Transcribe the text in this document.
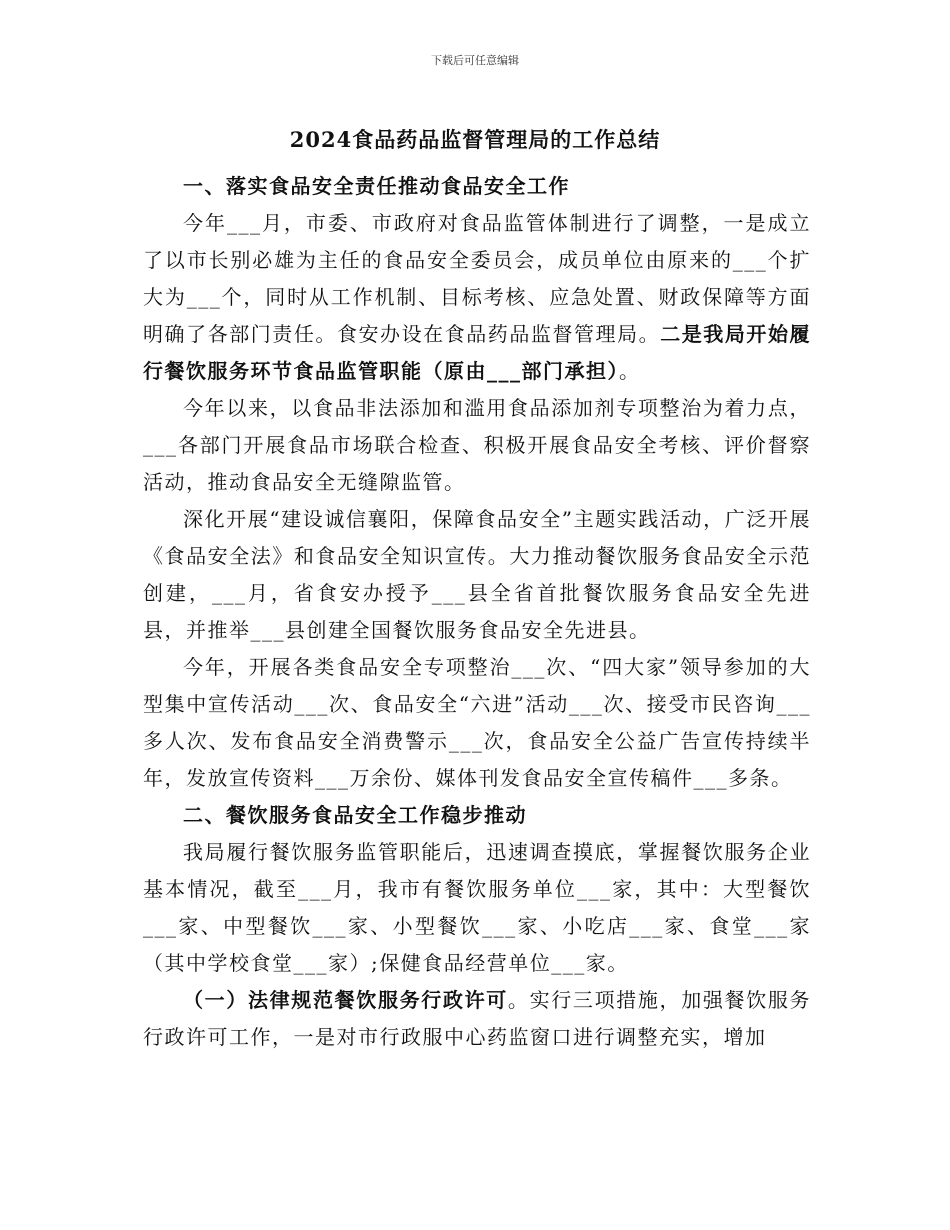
下载后可任意编辑
2024食品药品监督管理局的工作总结

一、落实食品安全责任推动食品安全工作

今年___月，市委、市政府对食品监管体制进行了调整，一是成立了以市长别必雄为主任的食品安全委员会，成员单位由原来的___个扩大为___个，同时从工作机制、目标考核、应急处置、财政保障等方面明确了各部门责任。食安办设在食品药品监督管理局。二是我局开始履行餐饮服务环节食品监管职能（原由___部门承担）。

今年以来，以食品非法添加和滥用食品添加剂专项整治为着力点，___各部门开展食品市场联合检查、积极开展食品安全考核、评价督察活动，推动食品安全无缝隙监管。

深化开展“建设诚信襄阳，保障食品安全”主题实践活动，广泛开展《食品安全法》和食品安全知识宣传。大力推动餐饮服务食品安全示范创建，___月，省食安办授予___县全省首批餐饮服务食品安全先进县，并推举___县创建全国餐饮服务食品安全先进县。

今年，开展各类食品安全专项整治___次、“四大家”领导参加的大型集中宣传活动___次、食品安全“六进”活动___次、接受市民咨询___多人次、发布食品安全消费警示___次，食品安全公益广告宣传持续半年，发放宣传资料___万余份、媒体刊发食品安全宣传稿件___多条。

二、餐饮服务食品安全工作稳步推动

我局履行餐饮服务监管职能后，迅速调查摸底，掌握餐饮服务企业基本情况，截至___月，我市有餐饮服务单位___家，其中：大型餐饮___家、中型餐饮___家、小型餐饮___家、小吃店___家、食堂___家（其中学校食堂___家）;保健食品经营单位___家。

（一）法律规范餐饮服务行政许可。实行三项措施，加强餐饮服务行政许可工作，一是对市行政服中心药监窗口进行调整充实，增加
